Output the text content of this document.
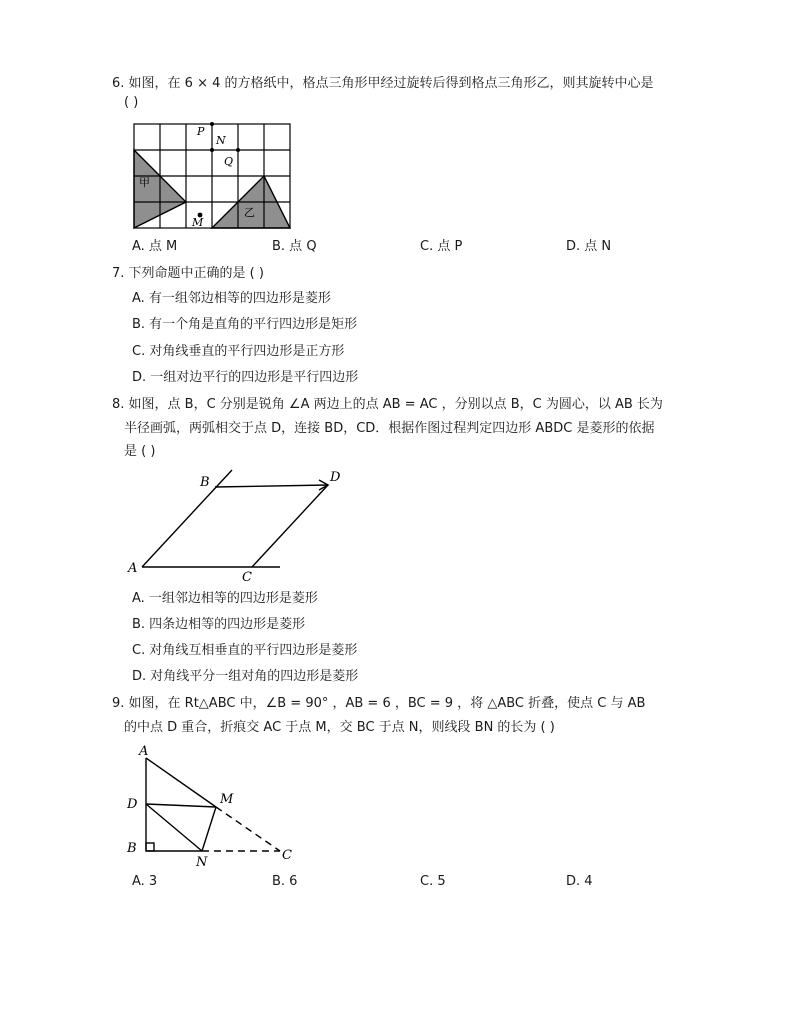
6. 如图，在 6 × 4 的方格纸中，格点三角形甲经过旋转后得到格点三角形乙，则其旋转中心是
( )
P
N
Q
M
甲
乙
A. 点 M	B. 点 Q	C. 点 P	D. 点 N
7. 下列命题中正确的是 ( )
A. 有一组邻边相等的四边形是菱形
B. 有一个角是直角的平行四边形是矩形
C. 对角线垂直的平行四边形是正方形
D. 一组对边平行的四边形是平行四边形
8. 如图，点 B，C 分别是锐角 ∠A 两边上的点 AB = AC ，分别以点 B，C 为圆心，以 AB 长为
半径画弧，两弧相交于点 D，连接 BD，CD．根据作图过程判定四边形 ABDC 是菱形的依据
是 ( )
B	D
A
C
A. 一组邻边相等的四边形是菱形
B. 四条边相等的四边形是菱形
C. 对角线互相垂直的平行四边形是菱形
D. 对角线平分一组对角的四边形是菱形
9. 如图，在 Rt△ABC 中，∠B = 90° ，AB = 6 ，BC = 9 ，将 △ABC 折叠，使点 C 与 AB
的中点 D 重合，折痕交 AC 于点 M，交 BC 于点 N，则线段 BN 的长为 ( )
A
D
B
M
N	C
A. 3	B. 6	C. 5	D. 4
